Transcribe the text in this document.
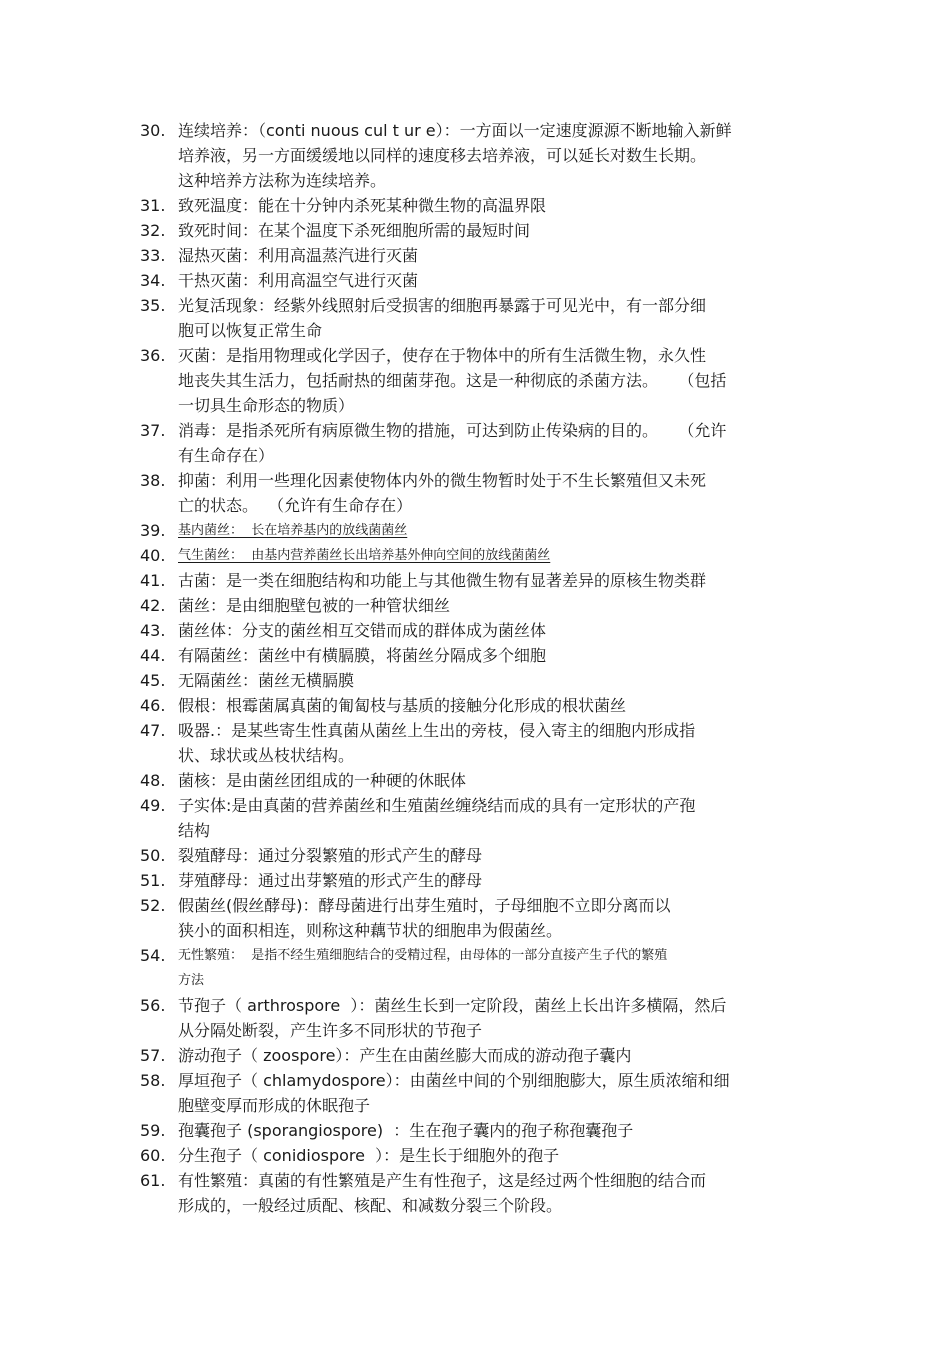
30. 连续培养：（conti nuous cul t ur e）：一方面以一定速度源源不断地输入新鲜
培养液，另一方面缓缓地以同样的速度移去培养液，可以延长对数生长期。
这种培养方法称为连续培养。
31. 致死温度：能在十分钟内杀死某种微生物的高温界限
32. 致死时间：在某个温度下杀死细胞所需的最短时间
33. 湿热灭菌：利用高温蒸汽进行灭菌
34. 干热灭菌：利用高温空气进行灭菌
35. 光复活现象：经紫外线照射后受损害的细胞再暴露于可见光中，有一部分细
胞可以恢复正常生命
36. 灭菌：是指用物理或化学因子，使存在于物体中的所有生活微生物，永久性
地丧失其生活力，包括耐热的细菌芽孢。这是一种彻底的杀菌方法。    （包括
一切具生命形态的物质）
37. 消毒：是指杀死所有病原微生物的措施，可达到防止传染病的目的。    （允许
有生命存在）
38. 抑菌：利用一些理化因素使物体内外的微生物暂时处于不生长繁殖但又未死
亡的状态。  （允许有生命存在）
39. 基内菌丝：  长在培养基内的放线菌菌丝
40. 气生菌丝：  由基内营养菌丝长出培养基外伸向空间的放线菌菌丝
41. 古菌：是一类在细胞结构和功能上与其他微生物有显著差异的原核生物类群
42. 菌丝：是由细胞壁包被的一种管状细丝
43. 菌丝体：分支的菌丝相互交错而成的群体成为菌丝体
44. 有隔菌丝：菌丝中有横膈膜，将菌丝分隔成多个细胞
45. 无隔菌丝：菌丝无横膈膜
46. 假根：根霉菌属真菌的匍匐枝与基质的接触分化形成的根状菌丝
47. 吸器.：是某些寄生性真菌从菌丝上生出的旁枝，侵入寄主的细胞内形成指
状、球状或丛枝状结构。
48. 菌核：是由菌丝团组成的一种硬的休眠体
49. 子实体:是由真菌的营养菌丝和生殖菌丝缠绕结而成的具有一定形状的产孢
结构
50. 裂殖酵母：通过分裂繁殖的形式产生的酵母
51. 芽殖酵母：通过出芽繁殖的形式产生的酵母
52. 假菌丝(假丝酵母)：酵母菌进行出芽生殖时，子母细胞不立即分离而以
狭小的面积相连，则称这种藕节状的细胞串为假菌丝。
54. 无性繁殖：  是指不经生殖细胞结合的受精过程，由母体的一部分直接产生子代的繁殖
方法
56. 节孢子（ arthrospore  ）：菌丝生长到一定阶段，菌丝上长出许多横隔，然后
从分隔处断裂，产生许多不同形状的节孢子
57. 游动孢子（ zoospore）：产生在由菌丝膨大而成的游动孢子囊内
58. 厚垣孢子（ chlamydospore）：由菌丝中间的个别细胞膨大，原生质浓缩和细
胞壁变厚而形成的休眠孢子
59. 孢囊孢子 (sporangiospore)  ：生在孢子囊内的孢子称孢囊孢子
60. 分生孢子（ conidiospore  ）：是生长于细胞外的孢子
61. 有性繁殖：真菌的有性繁殖是产生有性孢子，这是经过两个性细胞的结合而
形成的，一般经过质配、核配、和减数分裂三个阶段。
